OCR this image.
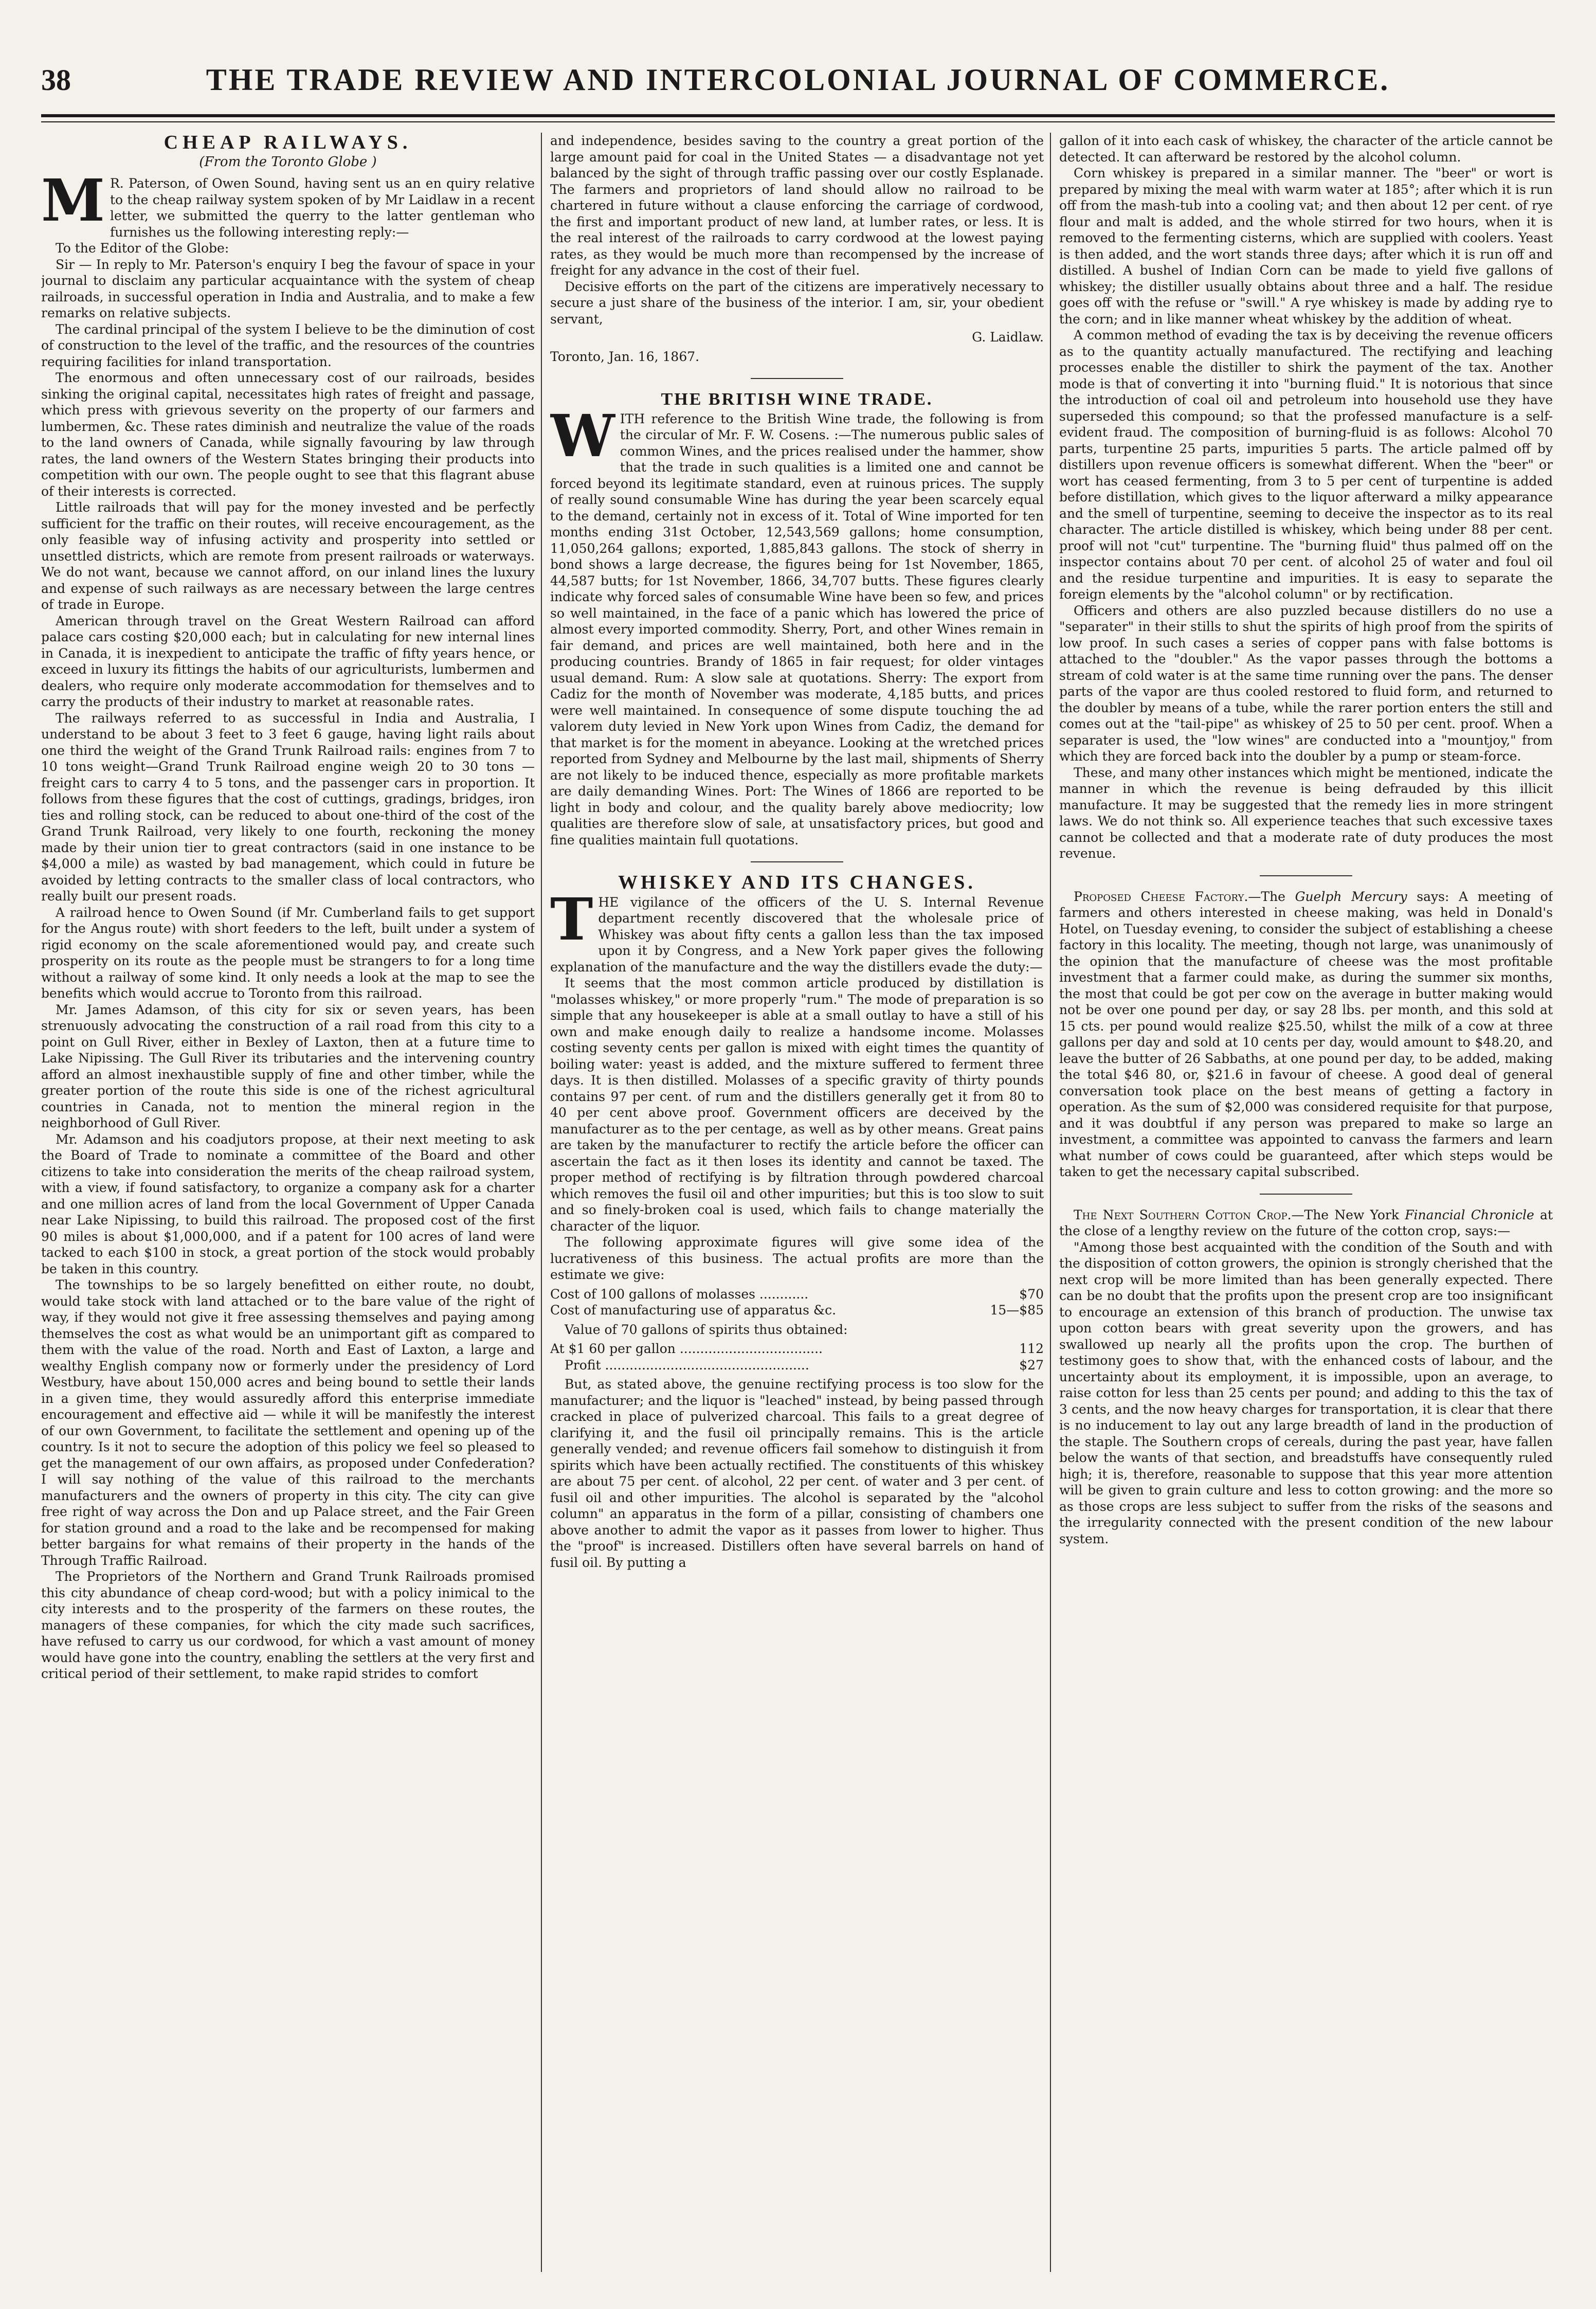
38	THE TRADE REVIEW AND INTERCOLONIAL JOURNAL OF COMMERCE.
CHEAP RAILWAYS.
(From the Toronto Globe )

M R. Paterson, of Owen Sound, having sent us an en quiry relative to the cheap railway system spoken of by Mr Laidlaw in a recent letter, we submitted the querry to the latter gentleman who furnishes us the following interesting reply:—

To the Editor of the Globe:

Sir — In reply to Mr. Paterson's enquiry I beg the favour of space in your journal to disclaim any particular acquaintance with the system of cheap railroads, in successful operation in India and Australia, and to make a few remarks on relative subjects.

The cardinal principal of the system I believe to be the diminution of cost of construction to the level of the traffic, and the resources of the countries requiring facilities for inland transportation.

The enormous and often unnecessary cost of our railroads, besides sinking the original capital, necessitates high rates of freight and passage, which press with grievous severity on the property of our farmers and lumbermen, &c. These rates diminish and neutralize the value of the roads to the land owners of Canada, while signally favouring by law through rates, the land owners of the Western States bringing their products into competition with our own. The people ought to see that this flagrant abuse of their interests is corrected.

Little railroads that will pay for the money invested and be perfectly sufficient for the traffic on their routes, will receive encouragement, as the only feasible way of infusing activity and prosperity into settled or unsettled districts, which are remote from present railroads or waterways. We do not want, because we cannot afford, on our inland lines the luxury and expense of such railways as are necessary between the large centres of trade in Europe.

American through travel on the Great Western Railroad can afford palace cars costing $20,000 each; but in calculating for new internal lines in Canada, it is inexpedient to anticipate the traffic of fifty years hence, or exceed in luxury its fittings the habits of our agriculturists, lumbermen and dealers, who require only moderate accommodation for themselves and to carry the products of their industry to market at reasonable rates.

The railways referred to as successful in India and Australia, I understand to be about 3 feet to 3 feet 6 gauge, having light rails about one third the weight of the Grand Trunk Railroad rails: engines from 7 to 10 tons weight—Grand Trunk Railroad engine weigh 20 to 30 tons — freight cars to carry 4 to 5 tons, and the passenger cars in proportion. It follows from these figures that the cost of cuttings, gradings, bridges, iron ties and rolling stock, can be reduced to about one-third of the cost of the Grand Trunk Railroad, very likely to one fourth, reckoning the money made by their union tier to great contractors (said in one instance to be $4,000 a mile) as wasted by bad management, which could in future be avoided by letting contracts to the smaller class of local contractors, who really built our present roads.

A railroad hence to Owen Sound (if Mr. Cumberland fails to get support for the Angus route) with short feeders to the left, built under a system of rigid economy on the scale aforementioned would pay, and create such prosperity on its route as the people must be strangers to for a long time without a railway of some kind. It only needs a look at the map to see the benefits which would accrue to Toronto from this railroad.

Mr. James Adamson, of this city for six or seven years, has been strenuously advocating the construction of a rail road from this city to a point on Gull River, either in Bexley of Laxton, then at a future time to Lake Nipissing. The Gull River its tributaries and the intervening country afford an almost inexhaustible supply of fine and other timber, while the greater portion of the route this side is one of the richest agricultural countries in Canada, not to mention the mineral region in the neighborhood of Gull River.

Mr. Adamson and his coadjutors propose, at their next meeting to ask the Board of Trade to nominate a committee of the Board and other citizens to take into consideration the merits of the cheap railroad system, with a view, if found satisfactory, to organize a company ask for a charter and one million acres of land from the local Government of Upper Canada near Lake Nipissing, to build this railroad. The proposed cost of the first 90 miles is about $1,000,000, and if a patent for 100 acres of land were tacked to each $100 in stock, a great portion of the stock would probably be taken in this country.

The townships to be so largely benefitted on either route, no doubt, would take stock with land attached or to the bare value of the right of way, if they would not give it free assessing themselves and paying among themselves the cost as what would be an unimportant gift as compared to them with the value of the road. North and East of Laxton, a large and wealthy English company now or formerly under the presidency of Lord Westbury, have about 150,000 acres and being bound to settle their lands in a given time, they would assuredly afford this enterprise immediate encouragement and effective aid — while it will be manifestly the interest of our own Government, to facilitate the settlement and opening up of the country. Is it not to secure the adoption of this policy we feel so pleased to get the management of our own affairs, as proposed under Confederation? I will say nothing of the value of this railroad to the merchants manufacturers and the owners of property in this city. The city can give free right of way across the Don and up Palace street, and the Fair Green for station ground and a road to the lake and be recompensed for making better bargains for what remains of their property in the hands of the Through Traffic Railroad.

The Proprietors of the Northern and Grand Trunk Railroads promised this city abundance of cheap cord-wood; but with a policy inimical to the city interests and to the prosperity of the farmers on these routes, the managers of these companies, for which the city made such sacrifices, have refused to carry us our cordwood, for which a vast amount of money would have gone into the country, enabling the settlers at the very first and critical period of their settlement, to make rapid strides to comfort

and independence, besides saving to the country a great portion of the large amount paid for coal in the United States — a disadvantage not yet balanced by the sight of through traffic passing over our costly Esplanade. The farmers and proprietors of land should allow no railroad to be chartered in future without a clause enforcing the carriage of cordwood, the first and important product of new land, at lumber rates, or less. It is the real interest of the railroads to carry cordwood at the lowest paying rates, as they would be much more than recompensed by the increase of freight for any advance in the cost of their fuel.

Decisive efforts on the part of the citizens are imperatively necessary to secure a just share of the business of the interior. I am, sir, your obedient servant,

G. Laidlaw.
Toronto, Jan. 16, 1867.
THE BRITISH WINE TRADE.

WITH reference to the British Wine trade, the following is from the circular of Mr. F. W. Cosens. :—The numerous public sales of common Wines, and the prices realised under the hammer, show that the trade in such qualities is a limited one and cannot be forced beyond its legitimate standard, even at ruinous prices. The supply of really sound consumable Wine has during the year been scarcely equal to the demand, certainly not in excess of it. Total of Wine imported for ten months ending 31st October, 12,543,569 gallons; home consumption, 11,050,264 gallons; exported, 1,885,843 gallons. The stock of sherry in bond shows a large decrease, the figures being for 1st November, 1865, 44,587 butts; for 1st November, 1866, 34,707 butts. These figures clearly indicate why forced sales of consumable Wine have been so few, and prices so well maintained, in the face of a panic which has lowered the price of almost every imported commodity. Sherry, Port, and other Wines remain in fair demand, and prices are well maintained, both here and in the producing countries. Brandy of 1865 in fair request; for older vintages usual demand. Rum: A slow sale at quotations. Sherry: The export from Cadiz for the month of November was moderate, 4,185 butts, and prices were well maintained. In consequence of some dispute touching the ad valorem duty levied in New York upon Wines from Cadiz, the demand for that market is for the moment in abeyance. Looking at the wretched prices reported from Sydney and Melbourne by the last mail, shipments of Sherry are not likely to be induced thence, especially as more profitable markets are daily demanding Wines. Port: The Wines of 1866 are reported to be light in body and colour, and the quality barely above mediocrity; low qualities are therefore slow of sale, at unsatisfactory prices, but good and fine qualities maintain full quotations.

WHISKEY AND ITS CHANGES.

THE vigilance of the officers of the U. S. Internal Revenue department recently discovered that the wholesale price of Whiskey was about fifty cents a gallon less than the tax imposed upon it by Congress, and a New York paper gives the following explanation of the manufacture and the way the distillers evade the duty:—

It seems that the most common article produced by distillation is "molasses whiskey," or more properly "rum." The mode of preparation is so simple that any housekeeper is able at a small outlay to have a still of his own and make enough daily to realize a handsome income. Molasses costing seventy cents per gallon is mixed with eight times the quantity of boiling water: yeast is added, and the mixture suffered to ferment three days. It is then distilled. Molasses of a specific gravity of thirty pounds contains 97 per cent. of rum and the distillers generally get it from 80 to 40 per cent above proof. Government officers are deceived by the manufacturer as to the per centage, as well as by other means. Great pains are taken by the manufacturer to rectify the article before the officer can ascertain the fact as it then loses its identity and cannot be taxed. The proper method of rectifying is by filtration through powdered charcoal which removes the fusil oil and other impurities; but this is too slow to suit and so finely-broken coal is used, which fails to change materially the character of the liquor.

The following approximate figures will give some idea of the lucrativeness of this business. The actual profits are more than the estimate we give:

Cost of 100 gallons of molasses ............	$70
Cost of manufacturing use of apparatus &c.	15—$85
Value of 70 gallons of spirits thus obtained:
At $1 60 per gallon ...................................	112
Profit ..................................................	$27

But, as stated above, the genuine rectifying process is too slow for the manufacturer; and the liquor is "leached" instead, by being passed through cracked in place of pulverized charcoal. This fails to a great degree of clarifying it, and the fusil oil principally remains. This is the article generally vended; and revenue officers fail somehow to distinguish it from spirits which have been actually rectified. The constituents of this whiskey are about 75 per cent. of alcohol, 22 per cent. of water and 3 per cent. of fusil oil and other impurities. The alcohol is separated by the "alcohol column" an apparatus in the form of a pillar, consisting of chambers one above another to admit the vapor as it passes from lower to higher. Thus the "proof" is increased. Distillers often have several barrels on hand of fusil oil. By putting a

gallon of it into each cask of whiskey, the character of the article cannot be detected. It can afterward be restored by the alcohol column.

Corn whiskey is prepared in a similar manner. The "beer" or wort is prepared by mixing the meal with warm water at 185°; after which it is run off from the mash-tub into a cooling vat; and then about 12 per cent. of rye flour and malt is added, and the whole stirred for two hours, when it is removed to the fermenting cisterns, which are supplied with coolers. Yeast is then added, and the wort stands three days; after which it is run off and distilled. A bushel of Indian Corn can be made to yield five gallons of whiskey; the distiller usually obtains about three and a half. The residue goes off with the refuse or "swill." A rye whiskey is made by adding rye to the corn; and in like manner wheat whiskey by the addition of wheat.

A common method of evading the tax is by deceiving the revenue officers as to the quantity actually manufactured. The rectifying and leaching processes enable the distiller to shirk the payment of the tax. Another mode is that of converting it into "burning fluid." It is notorious that since the introduction of coal oil and petroleum into household use they have superseded this compound; so that the professed manufacture is a self-evident fraud. The composition of burning-fluid is as follows: Alcohol 70 parts, turpentine 25 parts, impurities 5 parts. The article palmed off by distillers upon revenue officers is somewhat different. When the "beer" or wort has ceased fermenting, from 3 to 5 per cent of turpentine is added before distillation, which gives to the liquor afterward a milky appearance and the smell of turpentine, seeming to deceive the inspector as to its real character. The article distilled is whiskey, which being under 88 per cent. proof will not "cut" turpentine. The "burning fluid" thus palmed off on the inspector contains about 70 per cent. of alcohol 25 of water and foul oil and the residue turpentine and impurities. It is easy to separate the foreign elements by the "alcohol column" or by rectification.

Officers and others are also puzzled because distillers do no use a "separater" in their stills to shut the spirits of high proof from the spirits of low proof. In such cases a series of copper pans with false bottoms is attached to the "doubler." As the vapor passes through the bottoms a stream of cold water is at the same time running over the pans. The denser parts of the vapor are thus cooled restored to fluid form, and returned to the doubler by means of a tube, while the rarer portion enters the still and comes out at the "tail-pipe" as whiskey of 25 to 50 per cent. proof. When a separater is used, the "low wines" are conducted into a "mountjoy," from which they are forced back into the doubler by a pump or steam-force.

These, and many other instances which might be mentioned, indicate the manner in which the revenue is being defrauded by this illicit manufacture. It may be suggested that the remedy lies in more stringent laws. We do not think so. All experience teaches that such excessive taxes cannot be collected and that a moderate rate of duty produces the most revenue.

Proposed Cheese Factory.—The Guelph Mercury says: A meeting of farmers and others interested in cheese making, was held in Donald's Hotel, on Tuesday evening, to consider the subject of establishing a cheese factory in this locality. The meeting, though not large, was unanimously of the opinion that the manufacture of cheese was the most profitable investment that a farmer could make, as during the summer six months, the most that could be got per cow on the average in butter making would not be over one pound per day, or say 28 lbs. per month, and this sold at 15 cts. per pound would realize $25.50, whilst the milk of a cow at three gallons per day and sold at 10 cents per day, would amount to $48.20, and leave the butter of 26 Sabbaths, at one pound per day, to be added, making the total $46 80, or, $21.6 in favour of cheese. A good deal of general conversation took place on the best means of getting a factory in operation. As the sum of $2,000 was considered requisite for that purpose, and it was doubtful if any person was prepared to make so large an investment, a committee was appointed to canvass the farmers and learn what number of cows could be guaranteed, after which steps would be taken to get the necessary capital subscribed.

The Next Southern Cotton Crop.—The New York Financial Chronicle at the close of a lengthy review on the future of the cotton crop, says:—

"Among those best acquainted with the condition of the South and with the disposition of cotton growers, the opinion is strongly cherished that the next crop will be more limited than has been generally expected. There can be no doubt that the profits upon the present crop are too insignificant to encourage an extension of this branch of production. The unwise tax upon cotton bears with great severity upon the growers, and has swallowed up nearly all the profits upon the crop. The burthen of testimony goes to show that, with the enhanced costs of labour, and the uncertainty about its employment, it is impossible, upon an average, to raise cotton for less than 25 cents per pound; and adding to this the tax of 3 cents, and the now heavy charges for transportation, it is clear that there is no inducement to lay out any large breadth of land in the production of the staple. The Southern crops of cereals, during the past year, have fallen below the wants of that section, and breadstuffs have consequently ruled high; it is, therefore, reasonable to suppose that this year more attention will be given to grain culture and less to cotton growing: and the more so as those crops are less subject to suffer from the risks of the seasons and the irregularity connected with the present condition of the new labour system.
